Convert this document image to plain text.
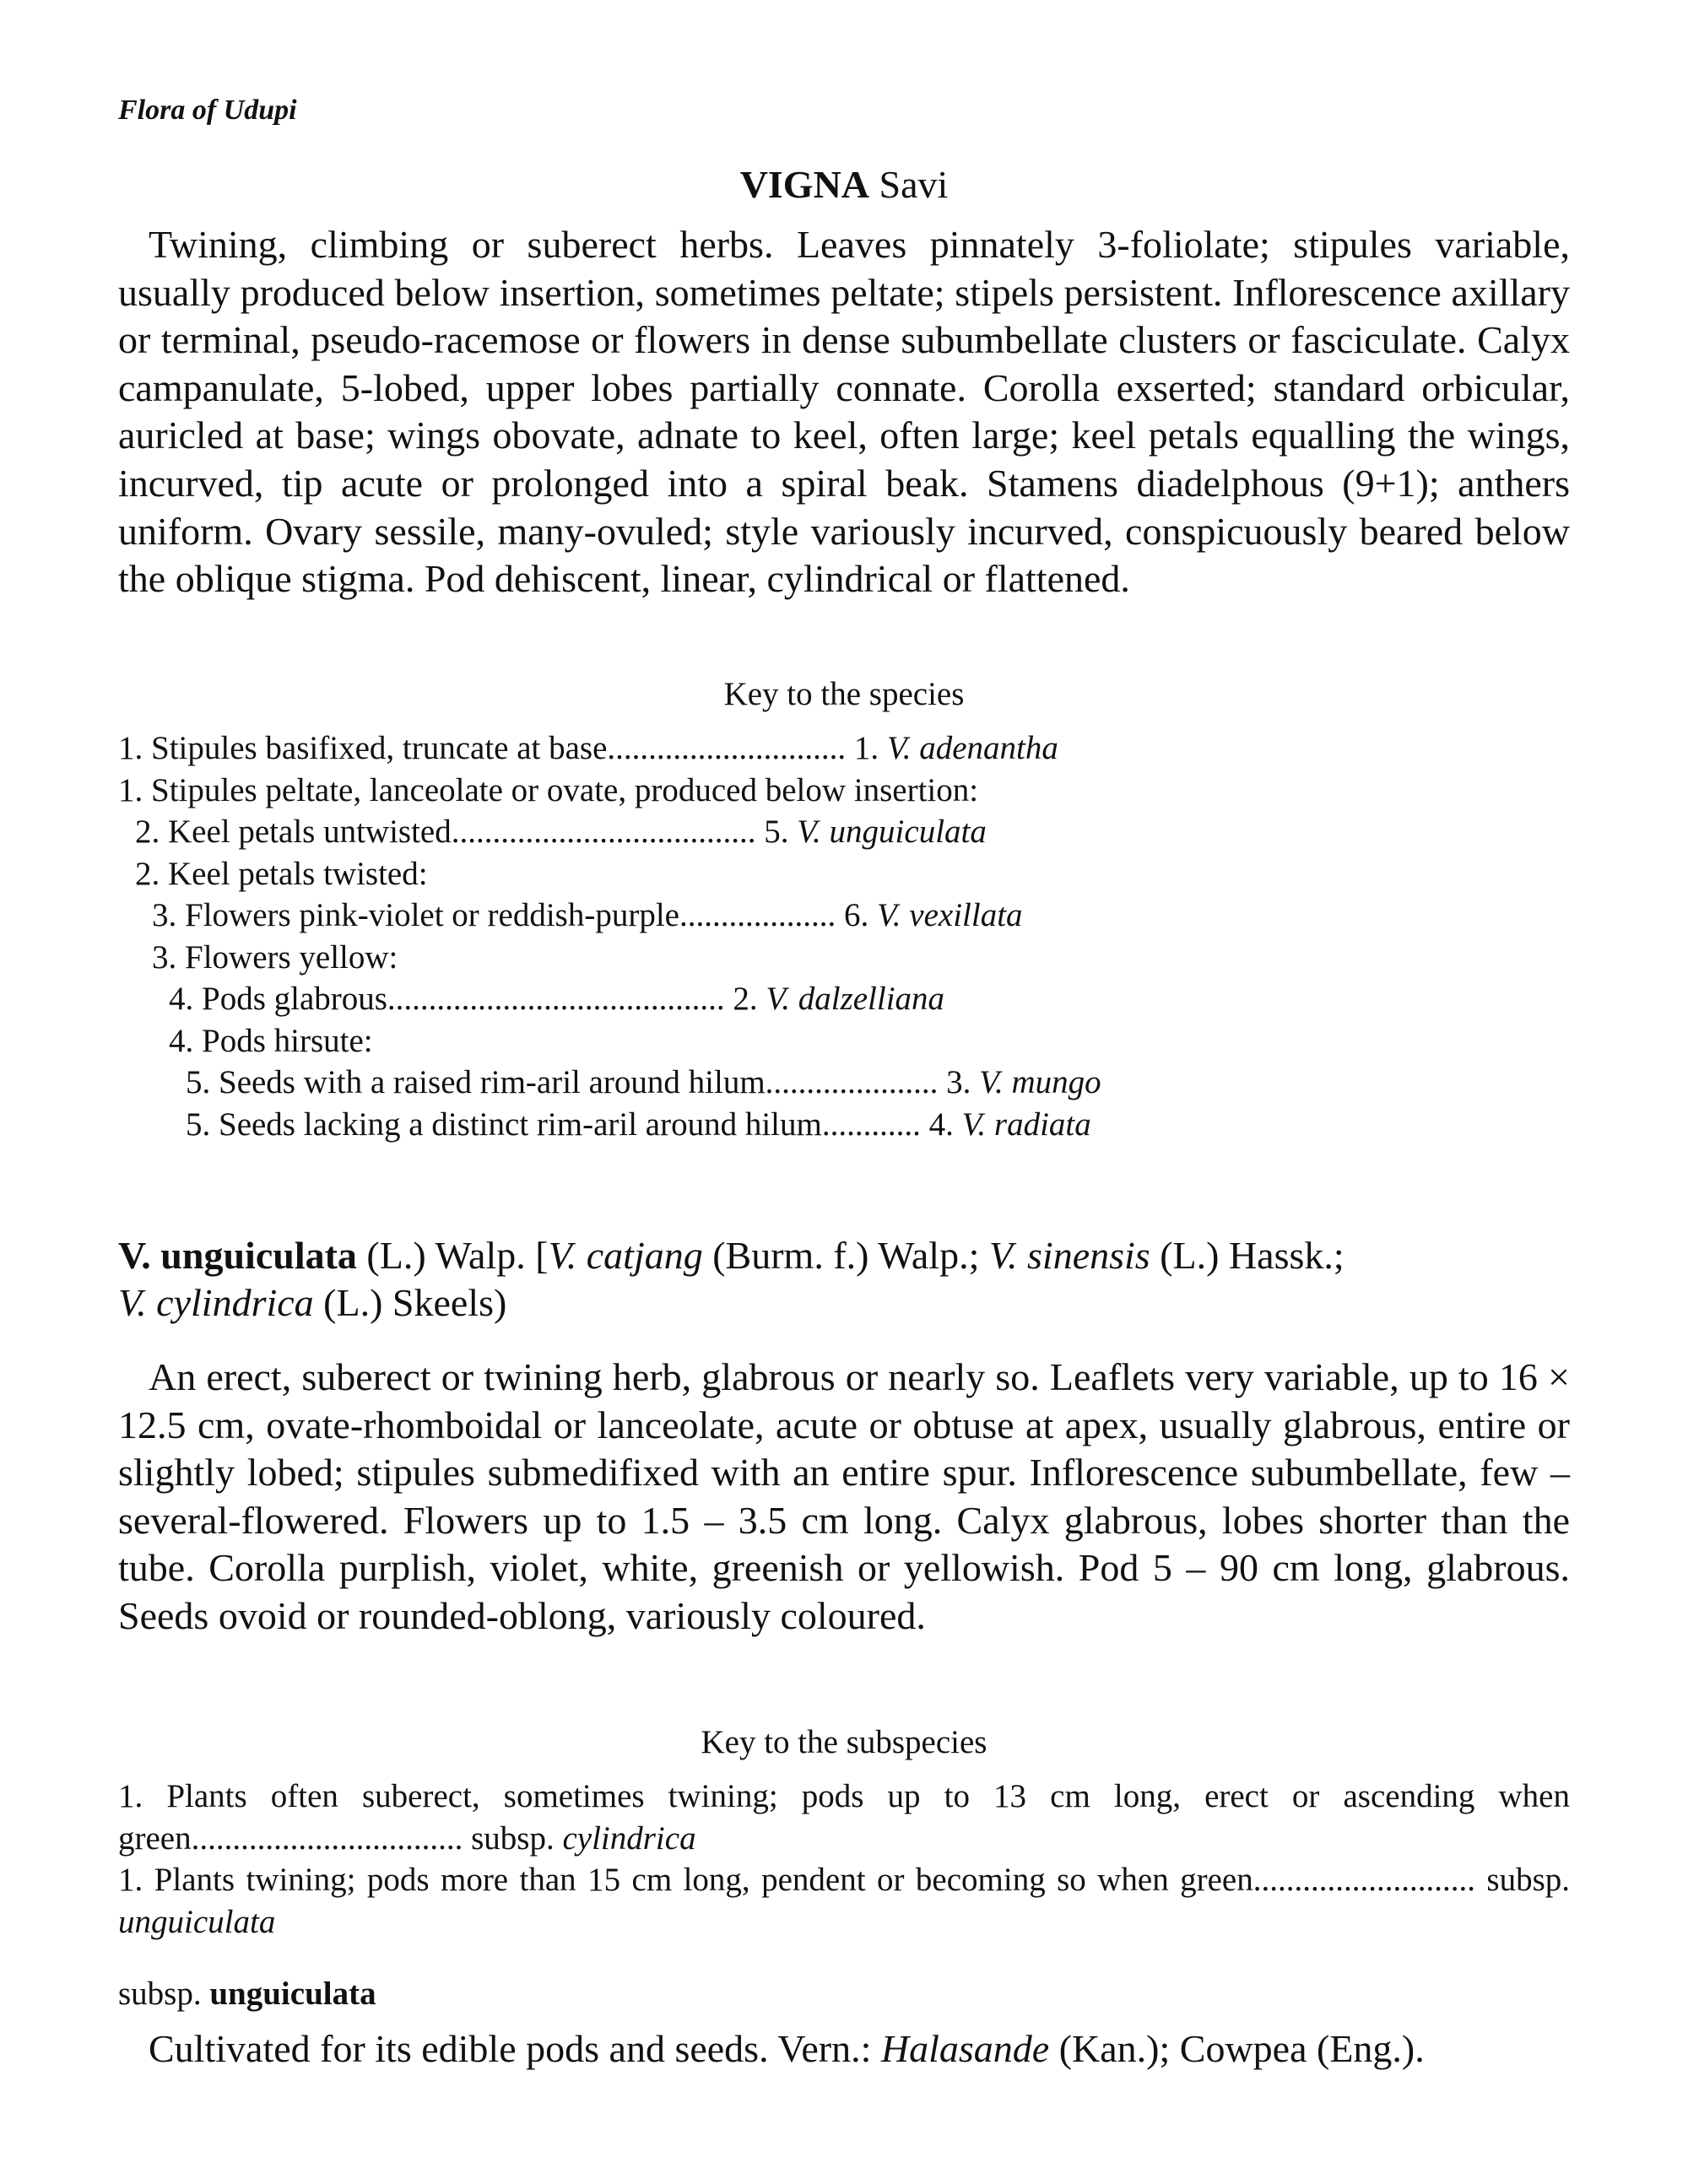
Flora of Udupi
VIGNA Savi

Twining, climbing or suberect herbs. Leaves pinnately 3-foliolate; stipules variable, usually produced below insertion, sometimes peltate; stipels persistent. Inflorescence axillary or terminal, pseudo-racemose or flowers in dense subumbellate clusters or fasciculate. Calyx campanulate, 5-lobed, upper lobes partially connate. Corolla exserted; standard orbicular, auricled at base; wings obovate, adnate to keel, often large; keel petals equalling the wings, incurved, tip acute or prolonged into a spiral beak. Stamens diadelphous (9+1); anthers uniform. Ovary sessile, many-ovuled; style variously incurved, conspicuously beared below the oblique stigma. Pod dehiscent, linear, cylindrical or flattened.

Key to the species
1. Stipules basifixed, truncate at base............................. 1. V. adenantha
1. Stipules peltate, lanceolate or ovate, produced below insertion:
2. Keel petals untwisted..................................... 5. V. unguiculata
2. Keel petals twisted:
3. Flowers pink-violet or reddish-purple................... 6. V. vexillata
3. Flowers yellow:
4. Pods glabrous......................................... 2. V. dalzelliana
4. Pods hirsute:
5. Seeds with a raised rim-aril around hilum..................... 3. V. mungo
5. Seeds lacking a distinct rim-aril around hilum............ 4. V. radiata
V. unguiculata (L.) Walp. [V. catjang (Burm. f.) Walp.; V. sinensis (L.) Hassk.;
V. cylindrica (L.) Skeels)

An erect, suberect or twining herb, glabrous or nearly so. Leaflets very variable, up to 16 × 12.5 cm, ovate-rhomboidal or lanceolate, acute or obtuse at apex, usually glabrous, entire or slightly lobed; stipules submedifixed with an entire spur. Inflorescence subumbellate, few – several-flowered. Flowers up to 1.5 – 3.5 cm long. Calyx glabrous, lobes shorter than the tube. Corolla purplish, violet, white, greenish or yellowish. Pod 5 – 90 cm long, glabrous. Seeds ovoid or rounded-oblong, variously coloured.

Key to the subspecies
1. Plants often suberect, sometimes twining; pods up to 13 cm long, erect or ascending when green................................. subsp. cylindrica
1. Plants twining; pods more than 15 cm long, pendent or becoming so when green........................... subsp. unguiculata
subsp. unguiculata

Cultivated for its edible pods and seeds. Vern.: Halasande (Kan.); Cowpea (Eng.).
